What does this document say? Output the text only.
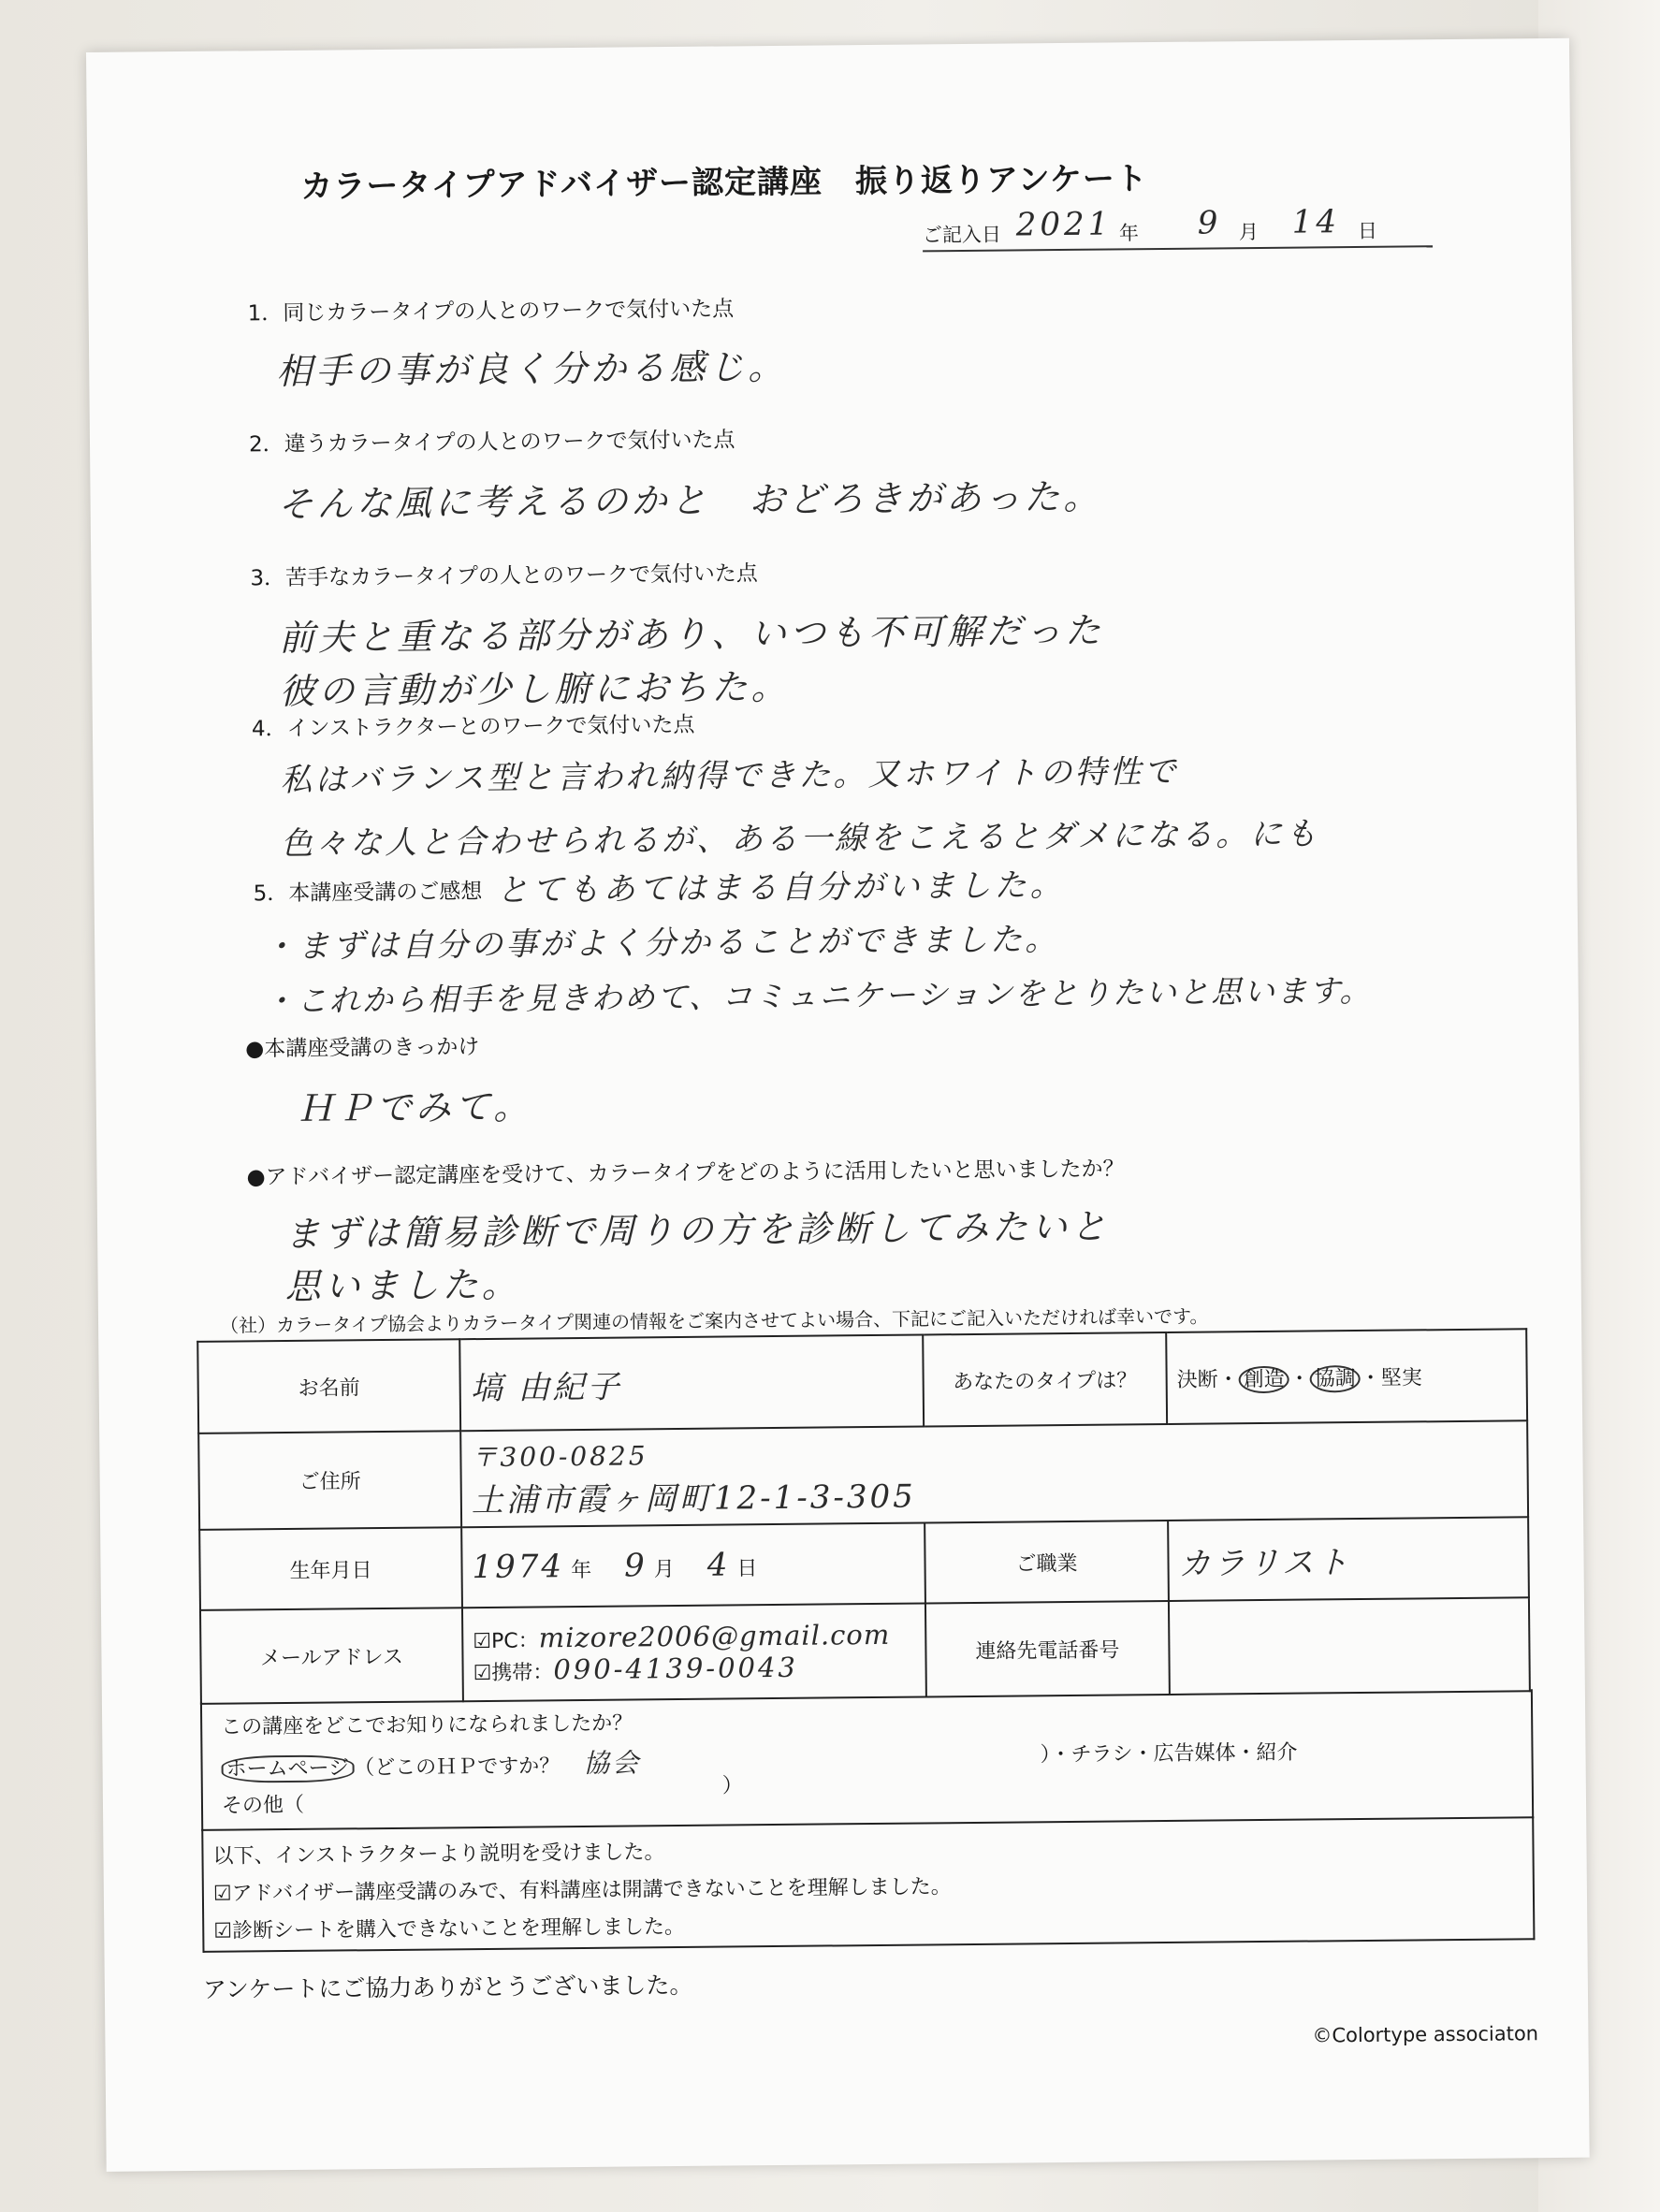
カラータイプアドバイザー認定講座　振り返りアンケート
ご記入日 2021 年 9 月 14 日
1．同じカラータイプの人とのワークで気付いた点
相手の事が良く分かる感じ。
2．違うカラータイプの人とのワークで気付いた点
そんな風に考えるのかと　おどろきがあった。
3．苦手なカラータイプの人とのワークで気付いた点
前夫と重なる部分があり、いつも不可解だった
彼の言動が少し腑におちた。
4．インストラクターとのワークで気付いた点
私はバランス型と言われ納得できた。又ホワイトの特性で
色々な人と合わせられるが、ある一線をこえるとダメになる。にも
5．本講座受講のご感想 とてもあてはまる自分がいました。
・まずは自分の事がよく分かることができました。
・これから相手を見きわめて、コミュニケーションをとりたいと思います。
●本講座受講のきっかけ
ＨＰでみて。
●アドバイザー認定講座を受けて、カラータイプをどのように活用したいと思いましたか？
まずは簡易診断で周りの方を診断してみたいと
思いました。
（社）カラータイプ協会よりカラータイプ関連の情報をご案内させてよい場合、下記にご記入いただければ幸いです。
お名前	塙 由紀子	あなたのタイプは？	決断・ 創造 ・ 協調 ・堅実
ご住所	〒300-0825
土浦市霞ヶ岡町12-1-3-305		

生年月日	1974 年 9 月 4 日	ご職業	カラリスト
メールアドレス	☑PC：mizore2006@gmail.com
☑携帯：090-4139-0043	連絡先電話番号	
この講座をどこでお知りになられましたか？
ホームページ （どこのＨＰですか？ 協会	）・チラシ・広告媒体・紹介
その他（
）
以下、インストラクターより説明を受けました。
☑アドバイザー講座受講のみで、有料講座は開講できないことを理解しました。
☑診断シートを購入できないことを理解しました。
アンケートにご協力ありがとうございました。
©Colortype associaton
